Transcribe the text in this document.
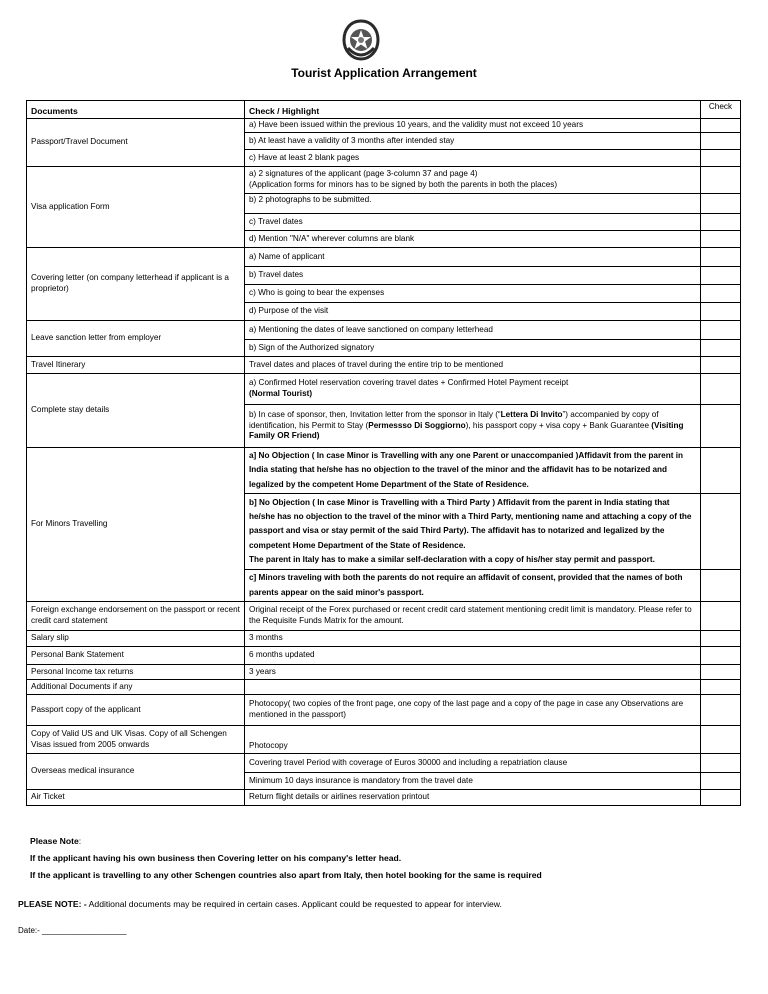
Tourist Application Arrangement
Documents	Check / Highlight	Check
Passport/Travel Document	a) Have been issued within the previous 10 years, and the validity must not exceed 10 years	
	b) At least have a validity of 3 months after intended stay	
	c) Have at least 2 blank pages	
Visa application Form	a) 2 signatures of the applicant (page 3-column 37 and page 4)
(Application forms for minors has to be signed by both the parents in both the places)	
	b) 2 photographs to be submitted.	
	c) Travel dates	
	d) Mention "N/A" wherever columns are blank	
Covering letter (on company letterhead if applicant is a proprietor)	a) Name of applicant	
	b) Travel dates	
	c) Who is going to bear the expenses	
	d) Purpose of the visit	
Leave sanction letter from employer	a) Mentioning the dates of leave sanctioned on company letterhead	
	b) Sign of the Authorized signatory	
Travel Itinerary	Travel dates and places of travel during the entire trip to be mentioned	
Complete stay details	a) Confirmed Hotel reservation covering travel dates + Confirmed Hotel Payment receipt
(Normal Tourist)	
	b) In case of sponsor, then, Invitation letter from the sponsor in Italy (“Lettera Di Invito”) accompanied by copy of identification, his Permit to Stay (Permessso Di Soggiorno), his passport copy + visa copy + Bank Guarantee (Visiting Family OR Friend)	
For Minors Travelling	a] No Objection ( In case Minor is Travelling with any one Parent or unaccompanied )Affidavit from the parent in India stating that he/she has no objection to the travel of the minor and the affidavit has to be notarized and legalized by the competent Home Department of the State of Residence.	
	b] No Objection ( In case Minor is Travelling with a Third Party ) Affidavit from the parent in India stating that he/she has no objection to the travel of the minor with a Third Party, mentioning name and attaching a copy of the passport and visa or stay permit of the said Third Party). The affidavit has to notarized and legalized by the competent Home Department of the State of Residence.
The parent in Italy has to make a similar self-declaration with a copy of his/her stay permit and passport.	
	c] Minors traveling with both the parents do not require an affidavit of consent, provided that the names of both parents appear on the said minor's passport.	
Foreign exchange endorsement on the passport or recent credit card statement	Original receipt of the Forex purchased or recent credit card statement mentioning credit limit is mandatory. Please refer to the Requisite Funds Matrix for the amount.	
Salary slip	3 months	
Personal Bank Statement	6 months updated	
Personal Income tax returns	3 years	
Additional Documents if any		
Passport copy of the applicant	Photocopy( two copies of the front page, one copy of the last page and a copy of the page in case any Observations are mentioned in the passport)	
Copy of Valid US and UK Visas. Copy of all Schengen Visas issued from 2005 onwards	Photocopy	
Overseas medical insurance	Covering travel Period with coverage of Euros 30000 and including a repatriation clause	
	Minimum 10 days insurance is mandatory from the travel date	
Air Ticket	Return flight details or airlines reservation printout	
Please Note:
If the applicant having his own business then Covering letter on his company's letter head.
If the applicant is travelling to any other Schengen countries also apart from Italy, then hotel booking for the same is required
PLEASE NOTE: - Additional documents may be required in certain cases. Applicant could be requested to appear for interview.
Date:- ___________________
